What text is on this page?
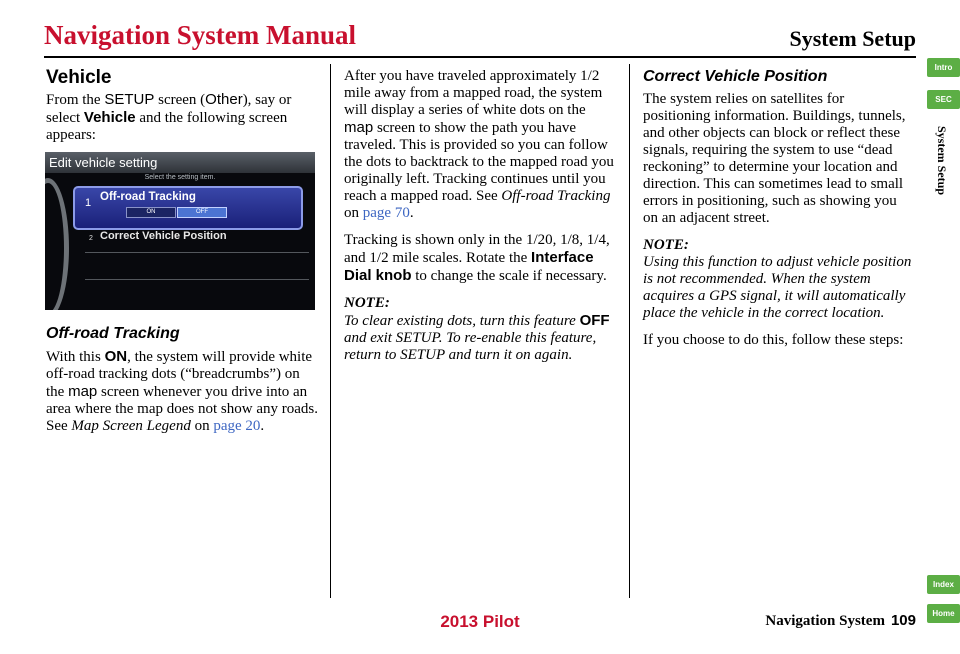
Navigation System Manual	System Setup
Intro
SEC
System Setup
Index
Home
Vehicle

From the SETUP screen (Other), say or select Vehicle and the following screen appears:

Edit vehicle setting
Select the setting item.
1 Off-road Tracking
ON	OFF
2 Correct Vehicle Position
Off-road Tracking

With this ON, the system will provide white off-road tracking dots (“breadcrumbs”) on the map screen whenever you drive into an area where the map does not show any roads. See Map Screen Legend on page 20.

After you have traveled approximately 1/2 mile away from a mapped road, the system will display a series of white dots on the map screen to show the path you have traveled. This is provided so you can follow the dots to backtrack to the mapped road you originally left. Tracking continues until you reach a mapped road. See Off-road Tracking on page 70.

Tracking is shown only in the 1/20, 1/8, 1/4, and 1/2 mile scales. Rotate the Interface Dial knob to change the scale if necessary.

NOTE:

To clear existing dots, turn this feature OFF and exit SETUP. To re-enable this feature, return to SETUP and turn it on again.

Correct Vehicle Position

The system relies on satellites for positioning information. Buildings, tunnels, and other objects can block or reflect these signals, requiring the system to use “dead reckoning” to determine your location and direction. This can sometimes lead to small errors in positioning, such as showing you on an adjacent street.

NOTE:

Using this function to adjust vehicle position is not recommended. When the system acquires a GPS signal, it will automatically place the vehicle in the correct location.

If you choose to do this, follow these steps:

2013 Pilot	Navigation System 109
